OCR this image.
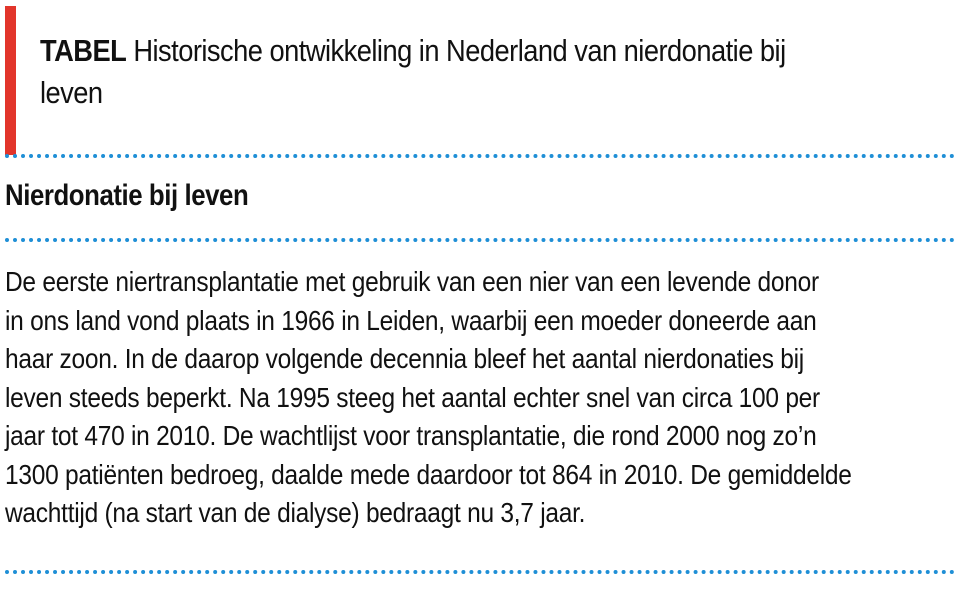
TABEL Historische ontwikkeling in Nederland van nierdonatie bij leven
Nierdonatie bij leven
De eerste niertransplantatie met gebruik van een nier van een levende donor
in ons land vond plaats in 1966 in Leiden, waarbij een moeder doneerde aan
haar zoon. In de daarop volgende decennia bleef het aantal nierdonaties bij
leven steeds beperkt. Na 1995 steeg het aantal echter snel van circa 100 per
jaar tot 470 in 2010. De wachtlijst voor transplantatie, die rond 2000 nog zo’n
1300 patiënten bedroeg, daalde mede daardoor tot 864 in 2010. De gemiddelde
wachttijd (na start van de dialyse) bedraagt nu 3,7 jaar.
